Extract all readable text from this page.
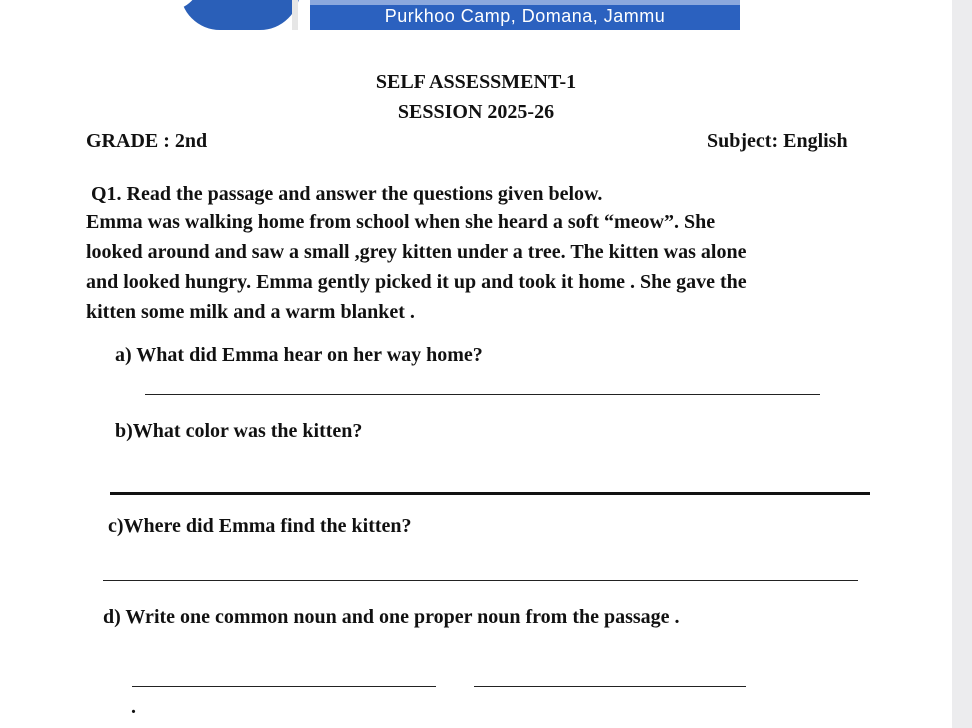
Purkhoo Camp, Domana, Jammu
SELF ASSESSMENT-1
SESSION 2025-26
GRADE : 2nd	Subject: English
Q1. Read the passage and answer the questions given below.
Emma was walking home from school when she heard a soft “meow”. She
looked around and saw a small ,grey kitten under a tree. The kitten was alone
and looked hungry. Emma gently picked it up and took it home . She gave the
kitten some milk and a warm blanket .
a) What did Emma hear on her way home?
b)What color was the kitten?
c)Where did Emma find the kitten?
d) Write one common noun and one proper noun from the passage .
.
